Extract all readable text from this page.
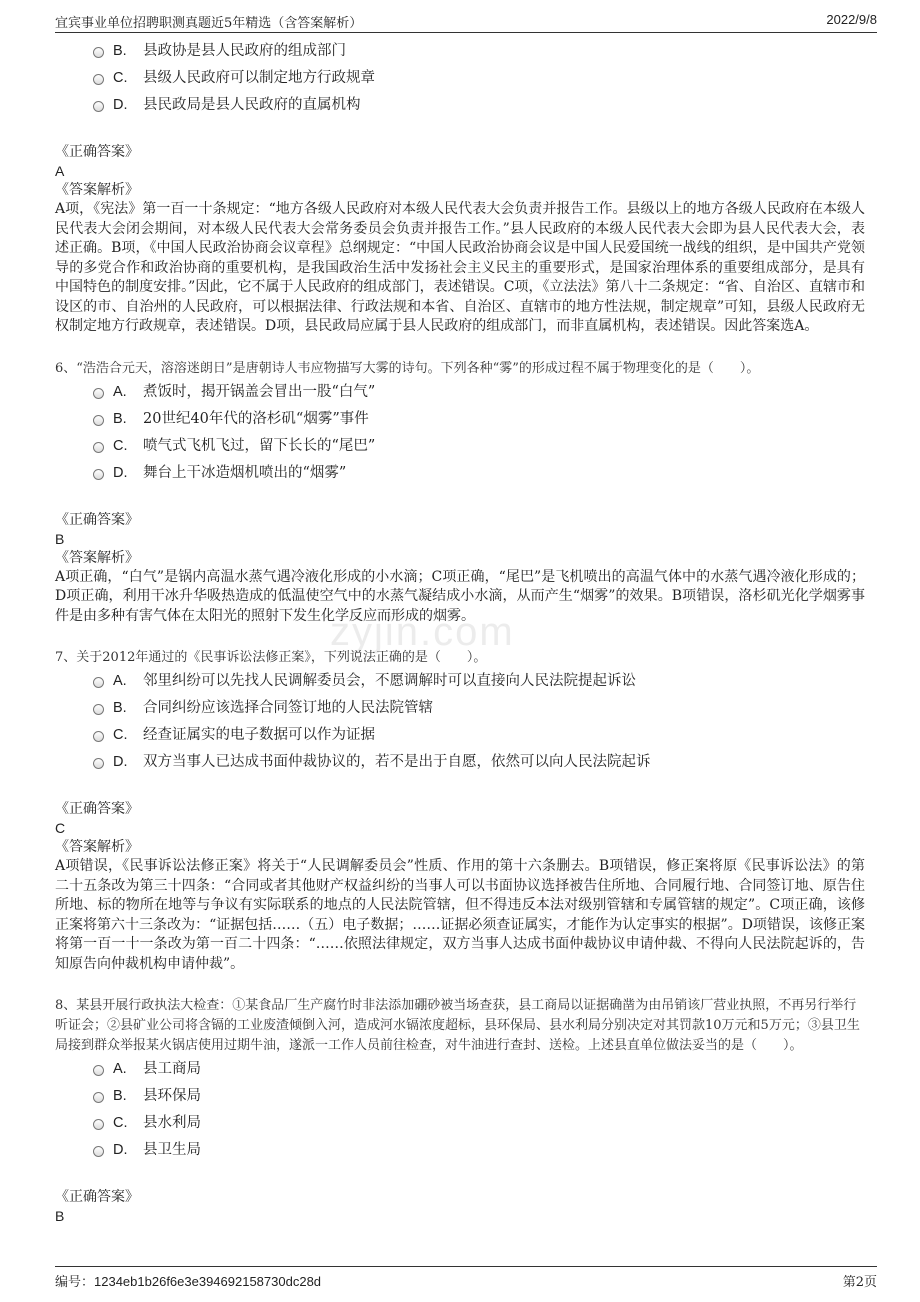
宜宾事业单位招聘职测真题近5年精选（含答案解析）	2022/9/8
zyjin.com
B. 县政协是县人民政府的组成部门
C. 县级人民政府可以制定地方行政规章
D. 县民政局是县人民政府的直属机构
《正确答案》
A
《答案解析》
A项，《宪法》第一百一十条规定：“地方各级人民政府对本级人民代表大会负责并报告工作。县级以上的地方各级人民政府在本级人民代表大会闭会期间，对本级人民代表大会常务委员会负责并报告工作。”县人民政府的本级人民代表大会即为县人民代表大会，表述正确。B项，《中国人民政治协商会议章程》总纲规定：“中国人民政治协商会议是中国人民爱国统一战线的组织，是中国共产党领导的多党合作和政治协商的重要机构，是我国政治生活中发扬社会主义民主的重要形式，是国家治理体系的重要组成部分，是具有中国特色的制度安排。”因此，它不属于人民政府的组成部门，表述错误。C项，《立法法》第八十二条规定：“省、自治区、直辖市和设区的市、自治州的人民政府，可以根据法律、行政法规和本省、自治区、直辖市的地方性法规，制定规章”可知，县级人民政府无权制定地方行政规章，表述错误。D项，县民政局应属于县人民政府的组成部门，而非直属机构，表述错误。因此答案选A。
6、“浩浩合元天，溶溶迷朗日”是唐朝诗人韦应物描写大雾的诗句。下列各种“雾”的形成过程不属于物理变化的是（　　）。
A. 煮饭时，揭开锅盖会冒出一股“白气”
B. 20世纪40年代的洛杉矶“烟雾”事件
C. 喷气式飞机飞过，留下长长的“尾巴”
D. 舞台上干冰造烟机喷出的“烟雾”
《正确答案》
B
《答案解析》
A项正确，“白气”是锅内高温水蒸气遇冷液化形成的小水滴；C项正确，“尾巴”是飞机喷出的高温气体中的水蒸气遇冷液化形成的；D项正确，利用干冰升华吸热造成的低温使空气中的水蒸气凝结成小水滴，从而产生“烟雾”的效果。B项错误，洛杉矶光化学烟雾事件是由多种有害气体在太阳光的照射下发生化学反应而形成的烟雾。
7、关于2012年通过的《民事诉讼法修正案》，下列说法正确的是（　　）。
A. 邻里纠纷可以先找人民调解委员会，不愿调解时可以直接向人民法院提起诉讼
B. 合同纠纷应该选择合同签订地的人民法院管辖
C. 经查证属实的电子数据可以作为证据
D. 双方当事人已达成书面仲裁协议的，若不是出于自愿，依然可以向人民法院起诉
《正确答案》
C
《答案解析》
A项错误，《民事诉讼法修正案》将关于“人民调解委员会”性质、作用的第十六条删去。B项错误，修正案将原《民事诉讼法》的第二十五条改为第三十四条：“合同或者其他财产权益纠纷的当事人可以书面协议选择被告住所地、合同履行地、合同签订地、原告住所地、标的物所在地等与争议有实际联系的地点的人民法院管辖，但不得违反本法对级别管辖和专属管辖的规定”。C项正确，该修正案将第六十三条改为：“证据包括……（五）电子数据；……证据必须查证属实，才能作为认定事实的根据”。D项错误，该修正案将第一百一十一条改为第一百二十四条：“……依照法律规定，双方当事人达成书面仲裁协议申请仲裁、不得向人民法院起诉的，告知原告向仲裁机构申请仲裁”。
8、某县开展行政执法大检查：①某食品厂生产腐竹时非法添加硼砂被当场查获，县工商局以证据确凿为由吊销该厂营业执照，不再另行举行听证会；②县矿业公司将含镉的工业废渣倾倒入河，造成河水镉浓度超标，县环保局、县水利局分别决定对其罚款10万元和5万元；③县卫生局接到群众举报某火锅店使用过期牛油，遂派一工作人员前往检查，对牛油进行查封、送检。上述县直单位做法妥当的是（　　）。
A. 县工商局
B. 县环保局
C. 县水利局
D. 县卫生局
《正确答案》
B
编号：1234eb1b26f6e3e394692158730dc28d	第2页
